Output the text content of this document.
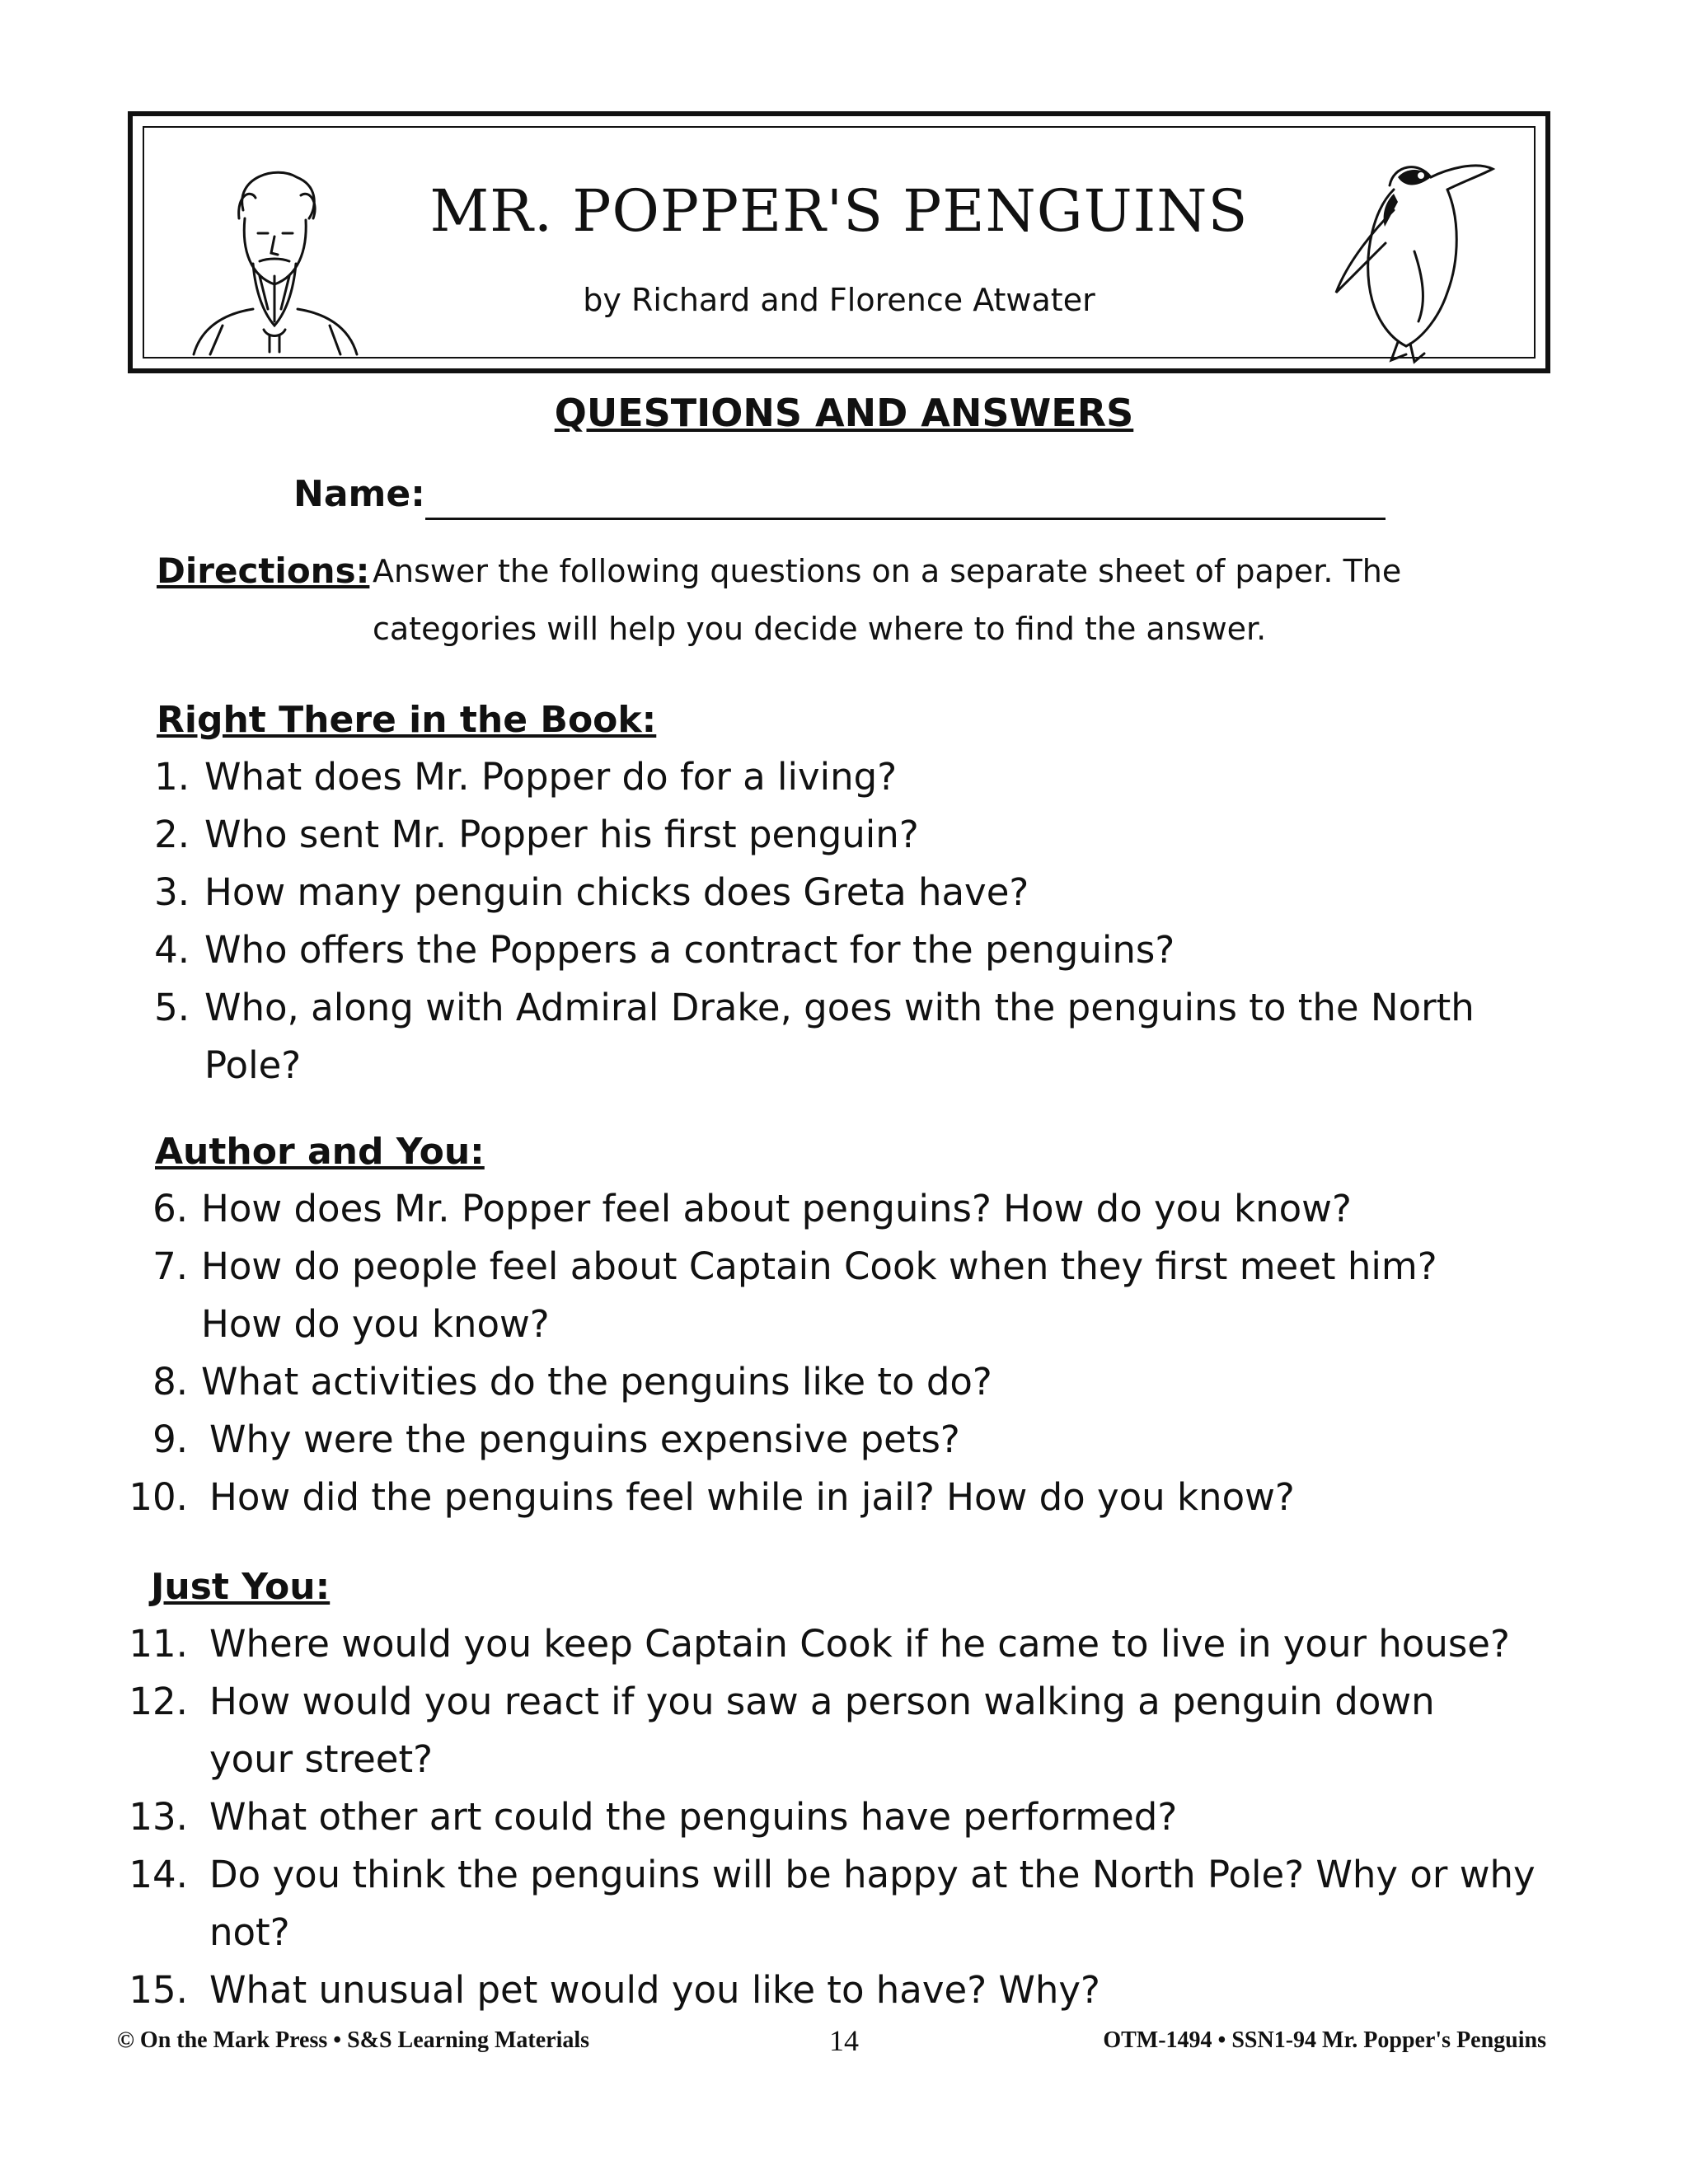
MR. POPPER'S PENGUINS
by Richard and Florence Atwater
QUESTIONS AND ANSWERS
Name:
Directions: Answer the following questions on a separate sheet of paper. The
categories will help you decide where to find the answer.
Right There in the Book:
1. What does Mr. Popper do for a living?
2. Who sent Mr. Popper his first penguin?
3. How many penguin chicks does Greta have?
4. Who offers the Poppers a contract for the penguins?
5. Who, along with Admiral Drake, goes with the penguins to the North
Pole?
Author and You:
6. How does Mr. Popper feel about penguins? How do you know?
7. How do people feel about Captain Cook when they first meet him?
How do you know?
8. What activities do the penguins like to do?
9. Why were the penguins expensive pets?
10. How did the penguins feel while in jail? How do you know?
Just You:
11. Where would you keep Captain Cook if he came to live in your house?
12. How would you react if you saw a person walking a penguin down
your street?
13. What other art could the penguins have performed?
14. Do you think the penguins will be happy at the North Pole? Why or why
not?
15. What unusual pet would you like to have? Why?
© On the Mark Press • S&S Learning Materials	14	OTM-1494 • SSN1-94 Mr. Popper's Penguins
